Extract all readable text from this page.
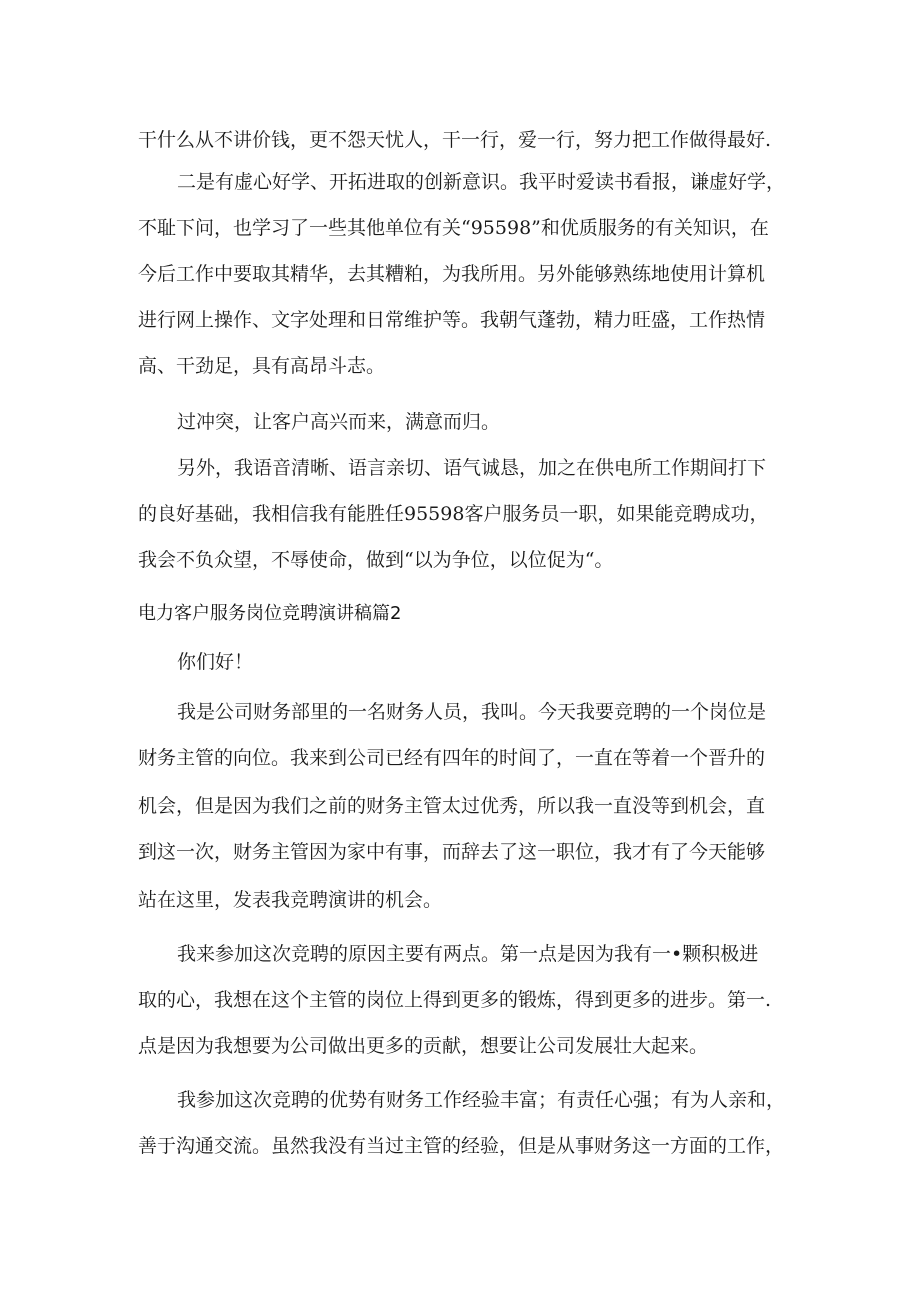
干什么从不讲价钱，更不怨天忧人，干一行，爱一行，努力把工作做得最好.
二是有虚心好学、开拓进取的创新意识。我平时爱读书看报，谦虚好学，
不耻下问，也学习了一些其他单位有关“95598”和优质服务的有关知识，在
今后工作中要取其精华，去其糟粕，为我所用。另外能够熟练地使用计算机
进行网上操作、文字处理和日常维护等。我朝气蓬勃，精力旺盛，工作热情
高、干劲足，具有高昂斗志。
过冲突，让客户高兴而来，满意而归。
另外，我语音清晰、语言亲切、语气诚恳，加之在供电所工作期间打下
的良好基础，我相信我有能胜任95598客户服务员一职，如果能竞聘成功，
我会不负众望，不辱使命，做到“以为争位，以位促为“。
电力客户服务岗位竞聘演讲稿篇2
你们好！
我是公司财务部里的一名财务人员，我叫。今天我要竞聘的一个岗位是
财务主管的向位。我来到公司已经有四年的时间了，一直在等着一个晋升的
机会，但是因为我们之前的财务主管太过优秀，所以我一直没等到机会，直
到这一次，财务主管因为家中有事，而辞去了这一职位，我才有了今天能够
站在这里，发表我竞聘演讲的机会。
我来参加这次竞聘的原因主要有两点。第一点是因为我有一•颗积极进
取的心，我想在这个主管的岗位上得到更多的锻炼，得到更多的进步。第一.
点是因为我想要为公司做出更多的贡献，想要让公司发展壮大起来。
我参加这次竞聘的优势有财务工作经验丰富；有责任心强；有为人亲和，
善于沟通交流。虽然我没有当过主管的经验，但是从事财务这一方面的工作，
